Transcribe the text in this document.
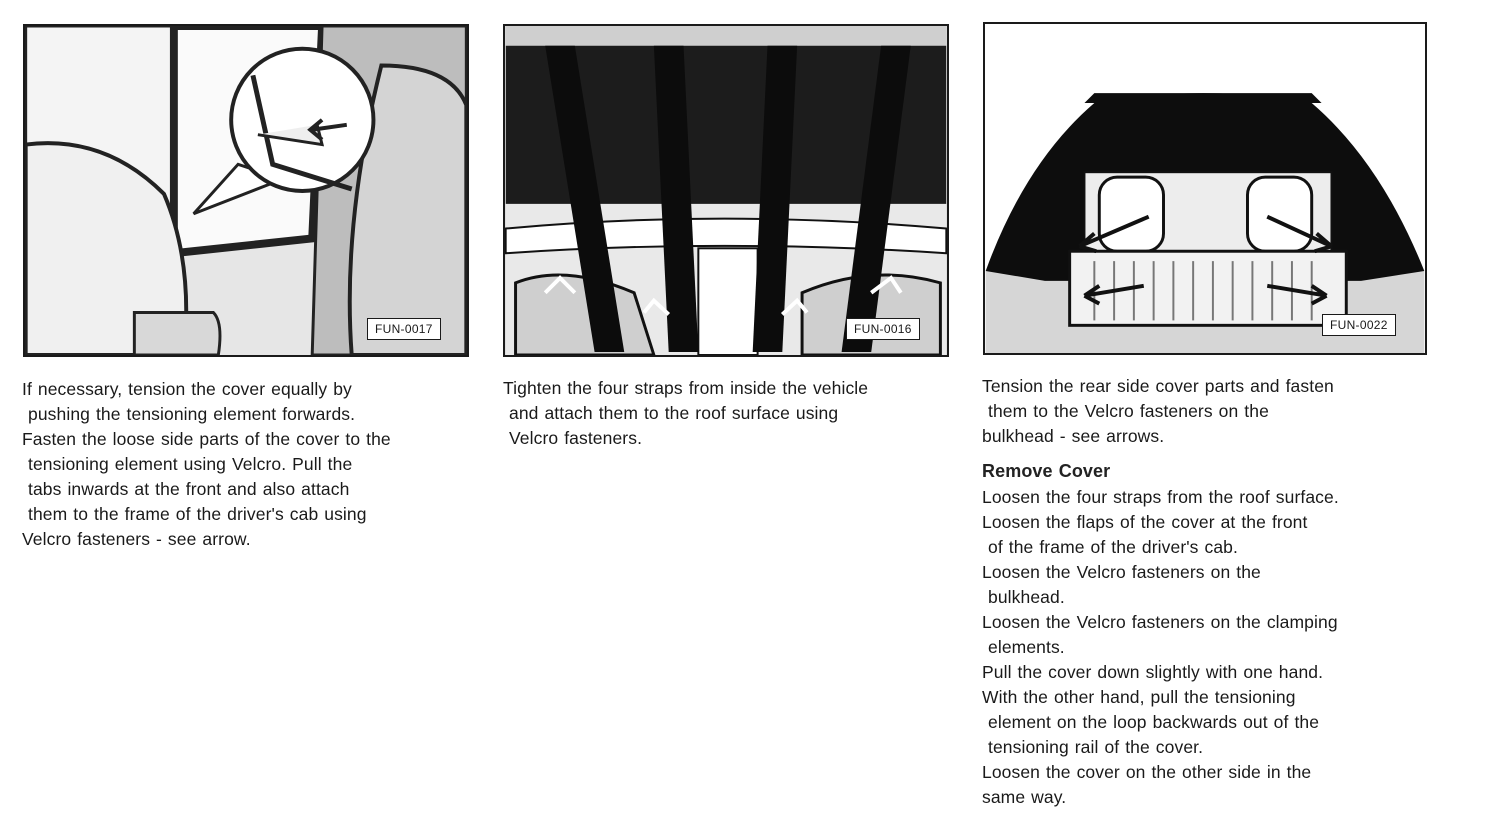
FUN-0017	FUN-0016	FUN-0022
If necessary, tension the cover equally by
pushing the tensioning element forwards.
Fasten the loose side parts of the cover to the
tensioning element using Velcro. Pull the
tabs inwards at the front and also attach
them to the frame of the driver's cab using
Velcro fasteners - see arrow.
Tighten the four straps from inside the vehicle
and attach them to the roof surface using
Velcro fasteners.
Tension the rear side cover parts and fasten
them to the Velcro fasteners on the
bulkhead - see arrows.
Remove Cover
Loosen the four straps from the roof surface.
Loosen the flaps of the cover at the front
of the frame of the driver's cab.
Loosen the Velcro fasteners on the
bulkhead.
Loosen the Velcro fasteners on the clamping
elements.
Pull the cover down slightly with one hand.
With the other hand, pull the tensioning
element on the loop backwards out of the
tensioning rail of the cover.
Loosen the cover on the other side in the
same way.
